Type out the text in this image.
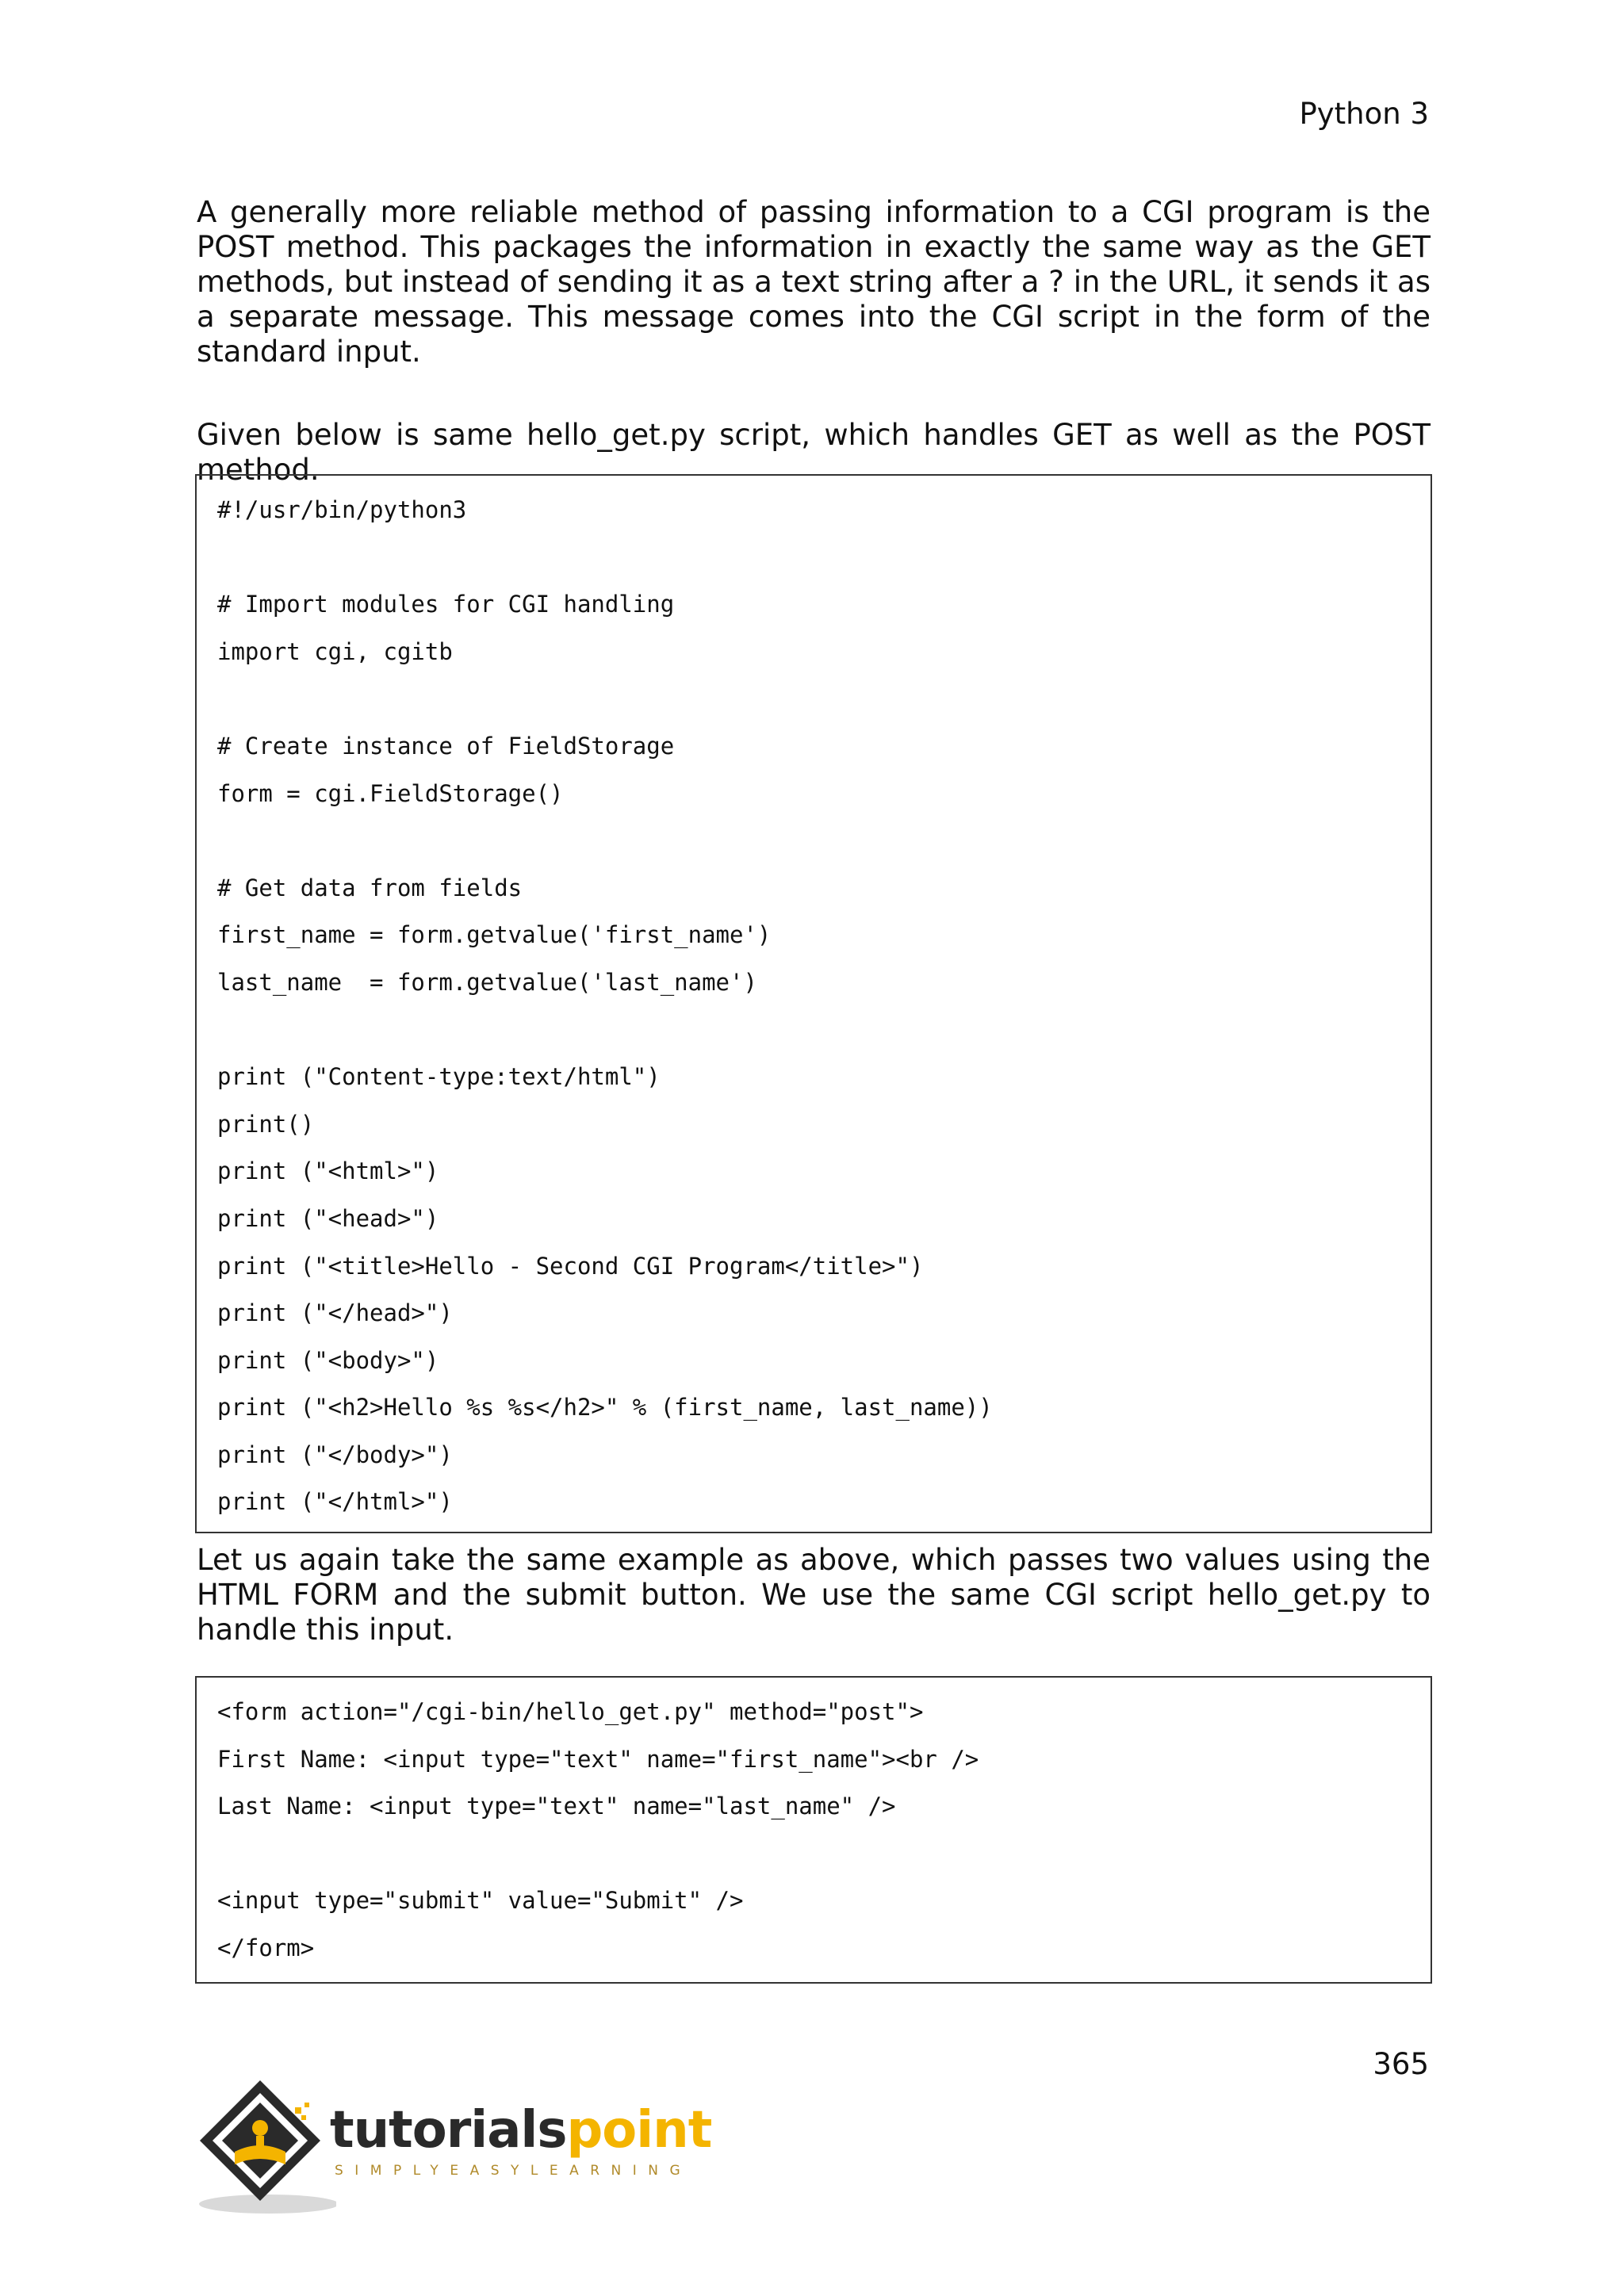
Python 3

A generally more reliable method of passing information to a CGI program is the POST method. This packages the information in exactly the same way as the GET methods, but instead of sending it as a text string after a ? in the URL, it sends it as a separate message. This message comes into the CGI script in the form of the standard input.

Given below is same hello_get.py script, which handles GET as well as the POST method.

#!/usr/bin/python3
# Import modules for CGI handling
import cgi, cgitb
# Create instance of FieldStorage
form = cgi.FieldStorage()
# Get data from fields
first_name = form.getvalue('first_name')
last_name  = form.getvalue('last_name')
print ("Content-type:text/html")
print()
print ("<html>")
print ("<head>")
print ("<title>Hello - Second CGI Program</title>")
print ("</head>")
print ("<body>")
print ("<h2>Hello %s %s</h2>" % (first_name, last_name))
print ("</body>")
print ("</html>")

Let us again take the same example as above, which passes two values using the HTML FORM and the submit button. We use the same CGI script hello_get.py to handle this input.

<form action="/cgi-bin/hello_get.py" method="post">
First Name: <input type="text" name="first_name"><br />
Last Name: <input type="text" name="last_name" />
<input type="submit" value="Submit" />
</form>
365
tutorialspoint
SIMPLYEASYLEARNING
